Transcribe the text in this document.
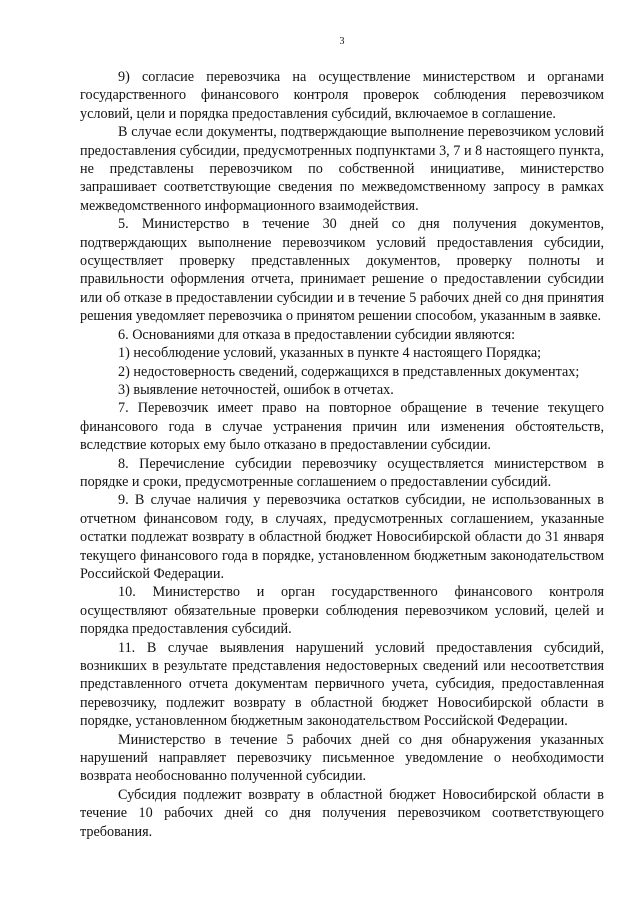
3

9) согласие перевозчика на осуществление министерством и органами государственного финансового контроля проверок соблюдения перевозчиком условий, цели и порядка предоставления субсидий, включаемое в соглашение.

В случае если документы, подтверждающие выполнение перевозчиком условий предоставления субсидии, предусмотренных подпунктами 3, 7 и 8 настоящего пункта, не представлены перевозчиком по собственной инициативе, министерство запрашивает соответствующие сведения по межведомственному запросу в рамках межведомственного информационного взаимодействия.

5. Министерство в течение 30 дней со дня получения документов, подтверждающих выполнение перевозчиком условий предоставления субсидии, осуществляет проверку представленных документов, проверку полноты и правильности оформления отчета, принимает решение о предоставлении субсидии или об отказе в предоставлении субсидии и в течение 5 рабочих дней со дня принятия решения уведомляет перевозчика о принятом решении способом, указанным в заявке.

6. Основаниями для отказа в предоставлении субсидии являются:

1) несоблюдение условий, указанных в пункте 4 настоящего Порядка;

2) недостоверность сведений, содержащихся в представленных документах;

3) выявление неточностей, ошибок в отчетах.

7. Перевозчик имеет право на повторное обращение в течение текущего финансового года в случае устранения причин или изменения обстоятельств, вследствие которых ему было отказано в предоставлении субсидии.

8. Перечисление субсидии перевозчику осуществляется министерством в порядке и сроки, предусмотренные соглашением о предоставлении субсидий.

9. В случае наличия у перевозчика остатков субсидии, не использованных в отчетном финансовом году, в случаях, предусмотренных соглашением, указанные остатки подлежат возврату в областной бюджет Новосибирской области до 31 января текущего финансового года в порядке, установленном бюджетным законодательством Российской Федерации.

10. Министерство и орган государственного финансового контроля осуществляют обязательные проверки соблюдения перевозчиком условий, целей и порядка предоставления субсидий.

11. В случае выявления нарушений условий предоставления субсидий, возникших в результате представления недостоверных сведений или несоответствия представленного отчета документам первичного учета, субсидия, предоставленная перевозчику, подлежит возврату в областной бюджет Новосибирской области в порядке, установленном бюджетным законодательством Российской Федерации.

Министерство в течение 5 рабочих дней со дня обнаружения указанных нарушений направляет перевозчику письменное уведомление о необходимости возврата необоснованно полученной субсидии.

Субсидия подлежит возврату в областной бюджет Новосибирской области в течение 10 рабочих дней со дня получения перевозчиком соответствующего требования.
